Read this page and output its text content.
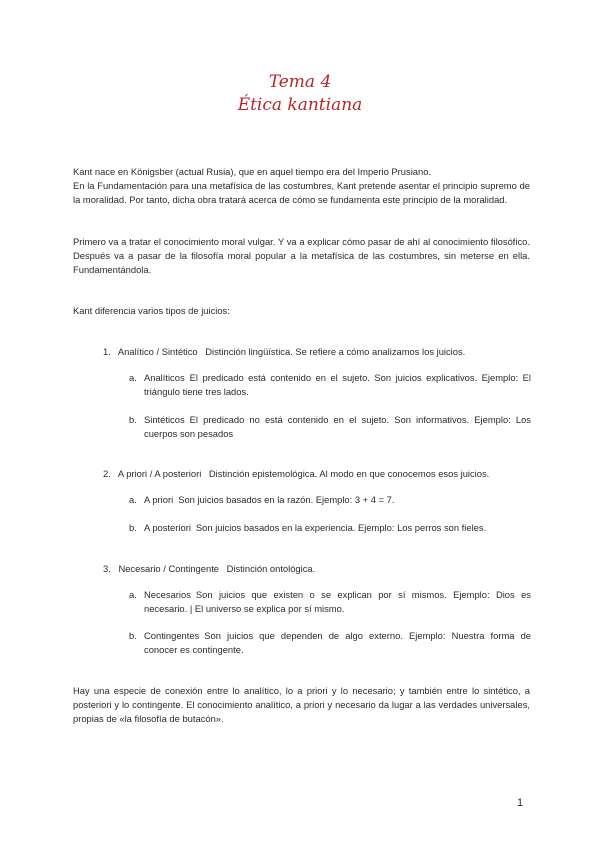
Tema 4
Ética kantiana

Kant nace en Königsber (actual Rusia), que en aquel tiempo era del Imperio Prusiano.

En la Fundamentación para una metafísica de las costumbres, Kant pretende asentar el principio supremo de la moralidad. Por tanto, dicha obra tratará acerca de cómo se fundamenta este principio de la moralidad.

Primero va a tratar el conocimiento moral vulgar. Y va a explicar cómo pasar de ahí al conocimiento filosófico. Después va a pasar de la filosofía moral popular a la metafísica de las costumbres, sin meterse en ella. Fundamentándola.

Kant diferencia varios tipos de juicios:

1. Analítico / Sintético Distinción lingüística. Se refiere a cómo analizamos los juicios.
a. Analíticos El predicado está contenido en el sujeto. Son juicios explicativos. Ejemplo: El triángulo tiene tres lados.
b. Sintéticos El predicado no está contenido en el sujeto. Son informativos. Ejemplo: Los cuerpos son pesados
2. A priori / A posteriori Distinción epistemológica. Al modo en que conocemos esos juicios.
a. A priori Son juicios basados en la razón. Ejemplo: 3 + 4 = 7.
b. A posteriori Son juicios basados en la experiencia. Ejemplo: Los perros son fieles.
3. Necesario / Contingente Distinción ontológica.
a. Necesarios Son juicios que existen o se explican por sí mismos. Ejemplo: Dios es necesario. | El universo se explica por sí mismo.
b. Contingentes Son juicios que dependen de algo externo. Ejemplo: Nuestra forma de conocer es contingente.

Hay una especie de conexión entre lo analítico, lo a priori y lo necesario; y también entre lo sintético, a posteriori y lo contingente. El conocimiento analítico, a priori y necesario da lugar a las verdades universales, propias de «la filosofía de butacón».

1
